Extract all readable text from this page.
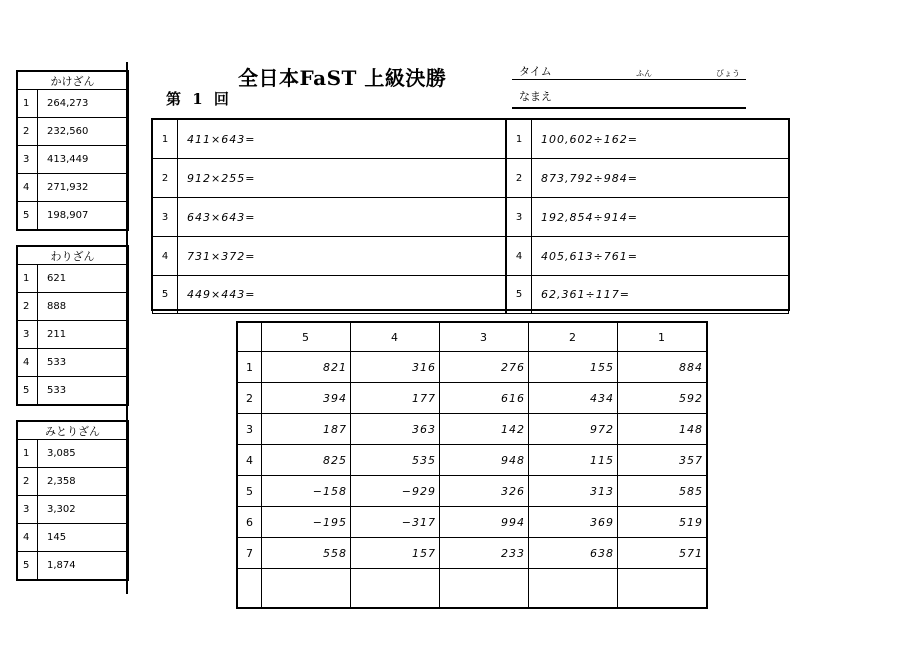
かけざん	
1	264,273
2	232,560
3	413,449
4	271,932
5	198,907
わりざん	
1	621
2	888
3	211
4	533
5	533
みとりざん	
1	3,085
2	2,358
3	3,302
4	145
5	1,874
全日本FaST 上級決勝
第 1 回
タイム	ふん	びょう
なまえ
1	411×643=
2	912×255=
3	643×643=
4	731×372=
5	449×443=
1	100,602÷162=
2	873,792÷984=
3	192,854÷914=
4	405,613÷761=
5	62,361÷117=
	5	4	3	2	1
1	821	316	276	155	884
2	394	177	616	434	592
3	187	363	142	972	148
4	825	535	948	115	357
5	−158	−929	326	313	585
6	−195	−317	994	369	519
7	558	157	233	638	571
